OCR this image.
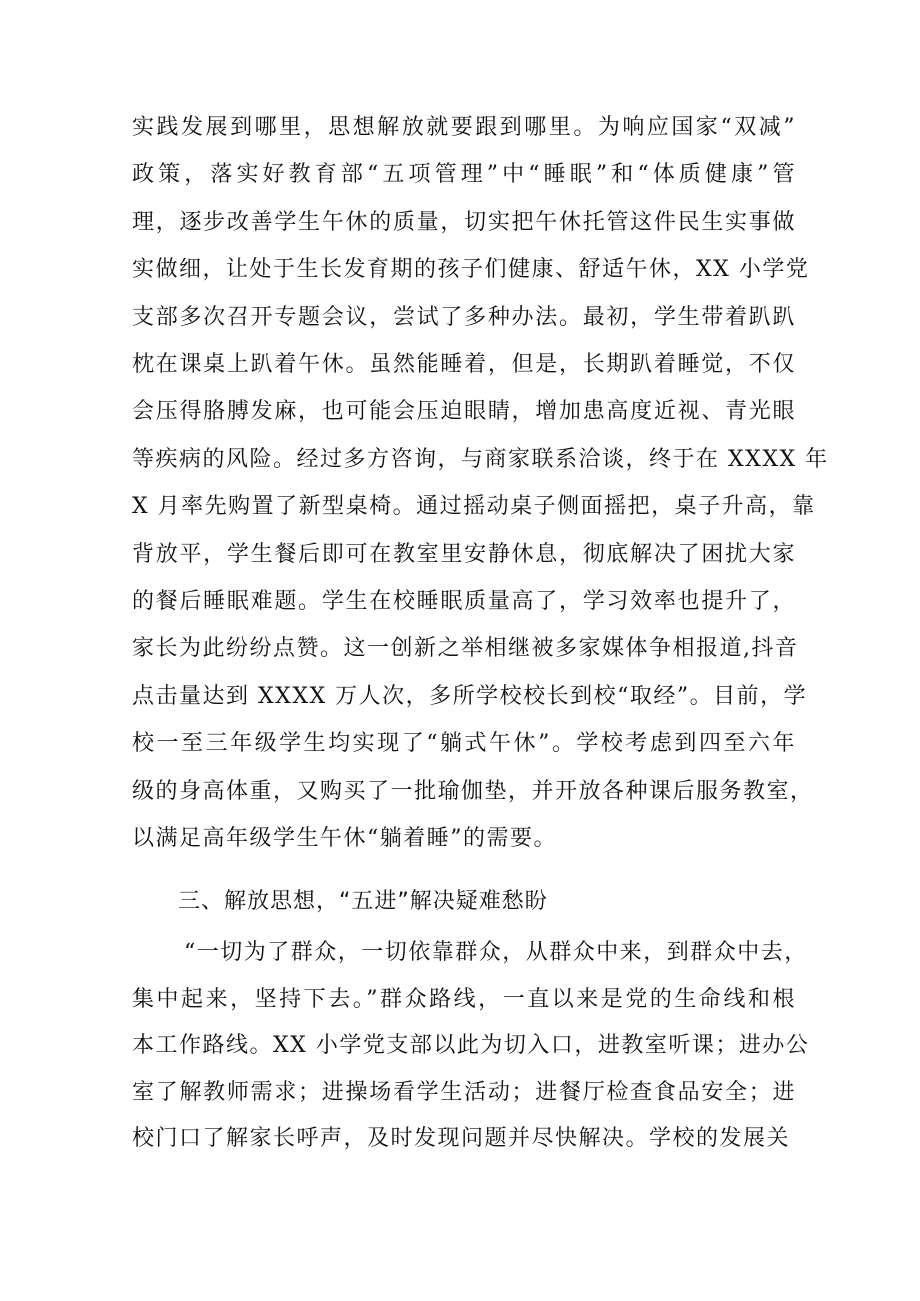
实践发展到哪里，思想解放就要跟到哪里。为响应国家“双减”
政策，落实好教育部“五项管理”中“睡眠”和“体质健康”管
理，逐步改善学生午休的质量，切实把午休托管这件民生实事做
实做细，让处于生长发育期的孩子们健康、舒适午休，XX 小学党
支部多次召开专题会议，尝试了多种办法。最初，学生带着趴趴
枕在课桌上趴着午休。虽然能睡着，但是，长期趴着睡觉，不仅
会压得胳膊发麻，也可能会压迫眼睛，增加患高度近视、青光眼
等疾病的风险。经过多方咨询，与商家联系洽谈，终于在 XXXX 年
X 月率先购置了新型桌椅。通过摇动桌子侧面摇把，桌子升高，靠
背放平，学生餐后即可在教室里安静休息，彻底解决了困扰大家
的餐后睡眠难题。学生在校睡眠质量高了，学习效率也提升了，
家长为此纷纷点赞。这一创新之举相继被多家媒体争相报道,抖音
点击量达到 XXXX 万人次，多所学校校长到校“取经”。目前，学
校一至三年级学生均实现了“躺式午休”。学校考虑到四至六年
级的身高体重，又购买了一批瑜伽垫，并开放各种课后服务教室，
以满足高年级学生午休“躺着睡”的需要。
三、解放思想，“五进”解决疑难愁盼
“一切为了群众，一切依靠群众，从群众中来，到群众中去，
集中起来，坚持下去。”群众路线，一直以来是党的生命线和根
本工作路线。XX 小学党支部以此为切入口，进教室听课；进办公
室了解教师需求；进操场看学生活动；进餐厅检查食品安全；进
校门口了解家长呼声，及时发现问题并尽快解决。学校的发展关
